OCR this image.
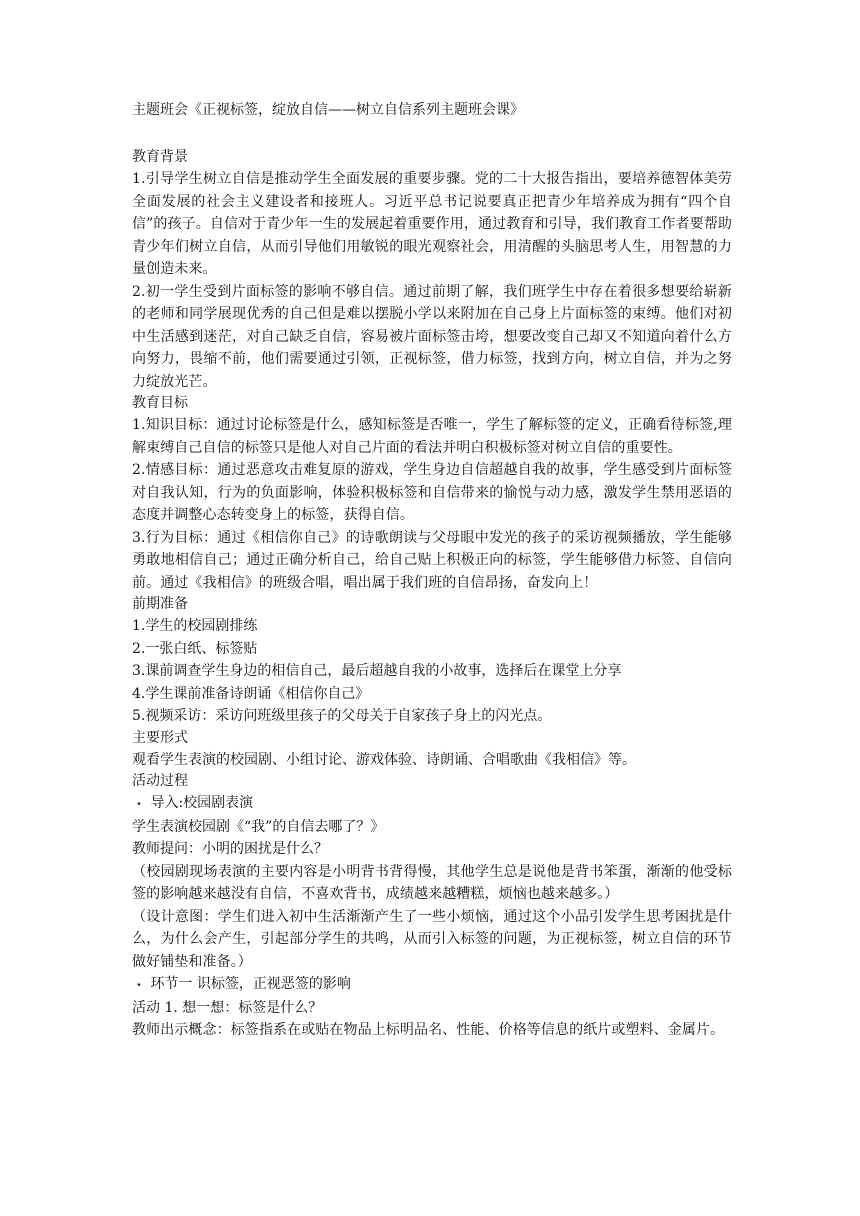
主题班会《正视标签，绽放自信——树立自信系列主题班会课》

教育背景

1.引导学生树立自信是推动学生全面发展的重要步骤。党的二十大报告指出，要培养德智体美劳全面发展的社会主义建设者和接班人。习近平总书记说要真正把青少年培养成为拥有“四个自信”的孩子。自信对于青少年一生的发展起着重要作用，通过教育和引导，我们教育工作者要帮助青少年们树立自信，从而引导他们用敏锐的眼光观察社会，用清醒的头脑思考人生，用智慧的力量创造未来。

2.初一学生受到片面标签的影响不够自信。通过前期了解，我们班学生中存在着很多想要给崭新的老师和同学展现优秀的自己但是难以摆脱小学以来附加在自己身上片面标签的束缚。他们对初中生活感到迷茫，对自己缺乏自信，容易被片面标签击垮，想要改变自己却又不知道向着什么方向努力，畏缩不前，他们需要通过引领，正视标签，借力标签，找到方向，树立自信，并为之努力绽放光芒。

教育目标

1.知识目标：通过讨论标签是什么，感知标签是否唯一，学生了解标签的定义，正确看待标签,理解束缚自己自信的标签只是他人对自己片面的看法并明白积极标签对树立自信的重要性。

2.情感目标：通过恶意攻击难复原的游戏，学生身边自信超越自我的故事，学生感受到片面标签对自我认知，行为的负面影响，体验积极标签和自信带来的愉悦与动力感，激发学生禁用恶语的态度并调整心态转变身上的标签，获得自信。

3.行为目标：通过《相信你自己》的诗歌朗读与父母眼中发光的孩子的采访视频播放，学生能够勇敢地相信自己；通过正确分析自己，给自己贴上积极正向的标签，学生能够借力标签、自信向前。通过《我相信》的班级合唱，唱出属于我们班的自信昂扬，奋发向上！

前期准备

1.学生的校园剧排练

2.一张白纸、标签贴

3.课前调查学生身边的相信自己，最后超越自我的小故事，选择后在课堂上分享

4.学生课前准备诗朗诵《相信你自己》

5.视频采访：采访问班级里孩子的父母关于自家孩子身上的闪光点。

主要形式

观看学生表演的校园剧、小组讨论、游戏体验、诗朗诵、合唱歌曲《我相信》等。

活动过程

⋆ 导入:校园剧表演

学生表演校园剧《“我”的自信去哪了？》

教师提问：小明的困扰是什么？

（校园剧现场表演的主要内容是小明背书背得慢，其他学生总是说他是背书笨蛋，渐渐的他受标签的影响越来越没有自信，不喜欢背书，成绩越来越糟糕，烦恼也越来越多。）

（设计意图：学生们进入初中生活渐渐产生了一些小烦恼，通过这个小品引发学生思考困扰是什么，为什么会产生，引起部分学生的共鸣，从而引入标签的问题，为正视标签，树立自信的环节做好铺垫和准备。）

⋆ 环节一 识标签，正视恶签的影响

活动 1. 想一想：标签是什么？

教师出示概念：标签指系在或贴在物品上标明品名、性能、价格等信息的纸片或塑料、金属片。
